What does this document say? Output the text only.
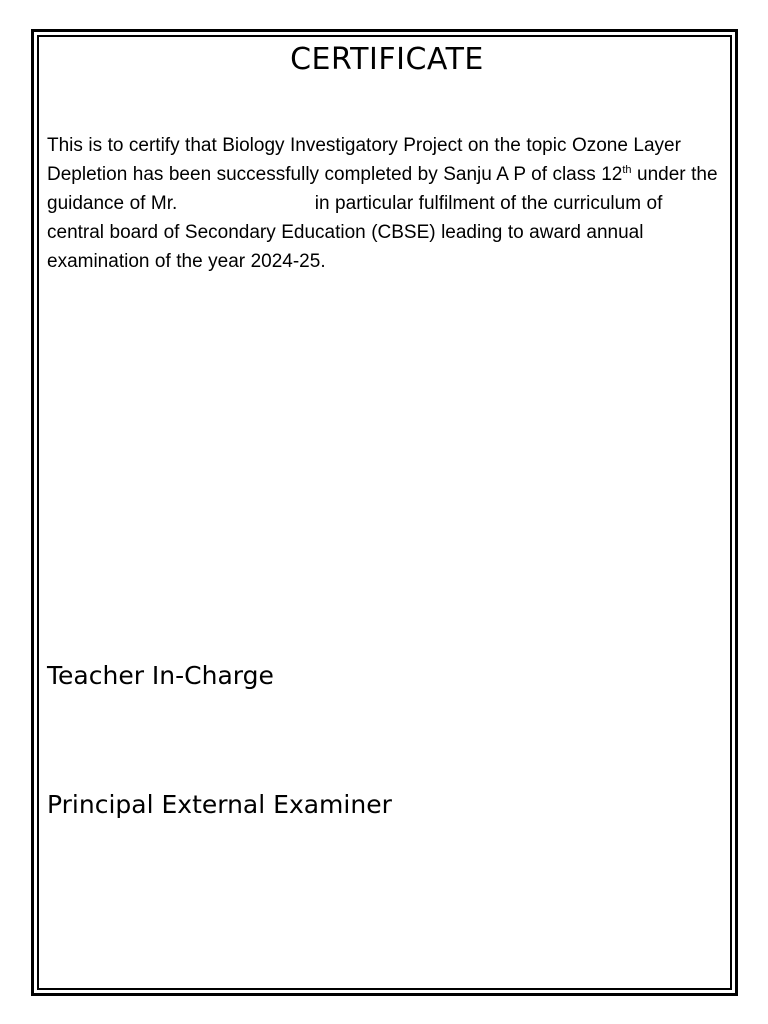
CERTIFICATE

This is to certify that Biology Investigatory Project on the topic Ozone Layer Depletion has been successfully completed by Sanju A P of class 12th under the guidance of Mr.	in particular fulfilment of the curriculum of central board of Secondary Education (CBSE) leading to award annual examination of the year 2024-25.

Teacher In-Charge
Principal External Examiner
